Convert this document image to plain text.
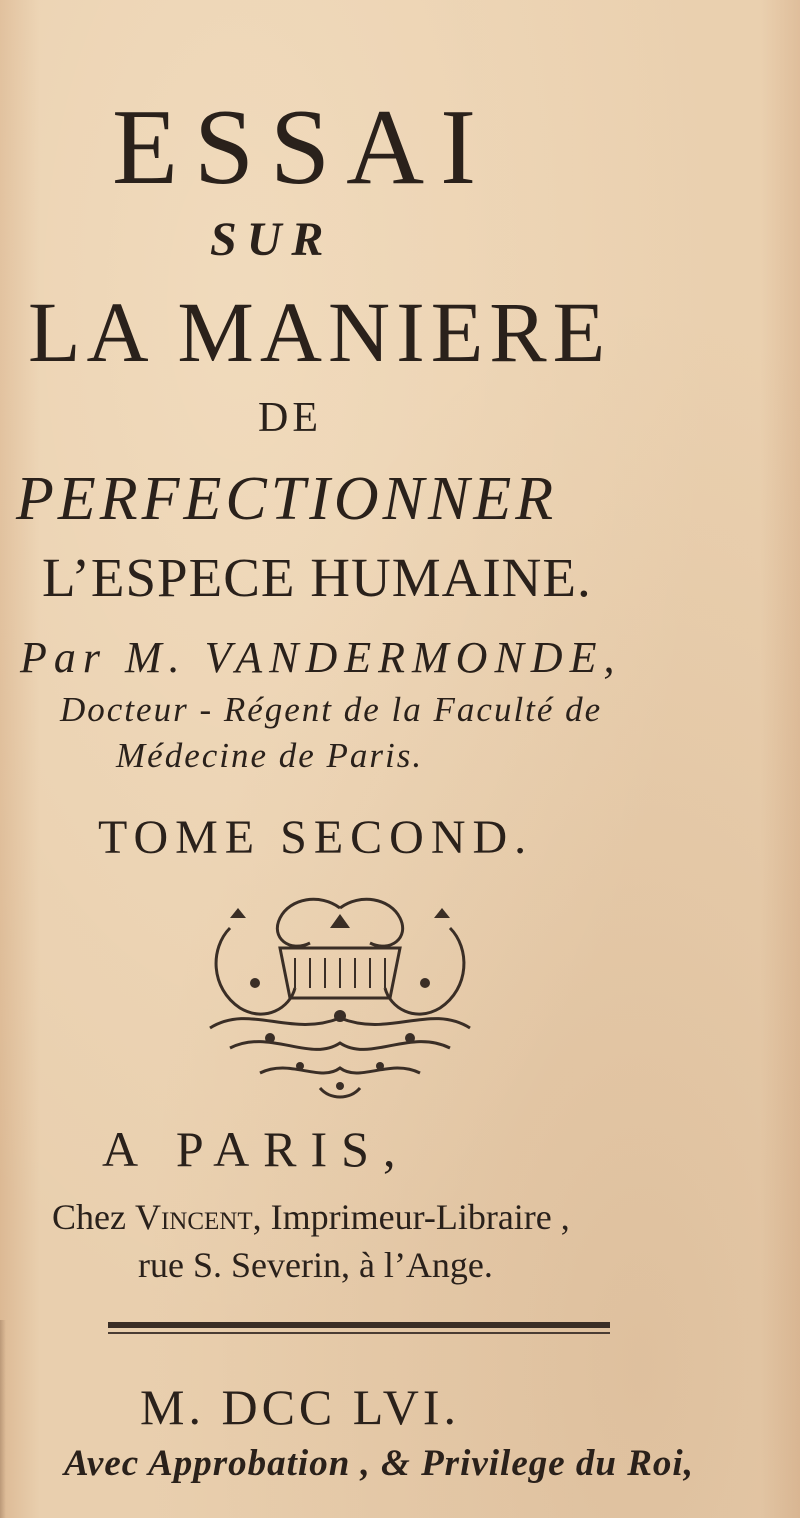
ESSAI
SUR
LA MANIERE
DE
PERFECTIONNER
L’ESPECE HUMAINE.
Par M. VANDERMONDE,
Docteur - Régent de la Faculté de
Médecine de Paris.
TOME SECOND.
A PARIS,
Chez Vincent, Imprimeur-Libraire ,
rue S. Severin, à l’Ange.
M. DCC LVI.
Avec Approbation , & Privilege du Roi,
